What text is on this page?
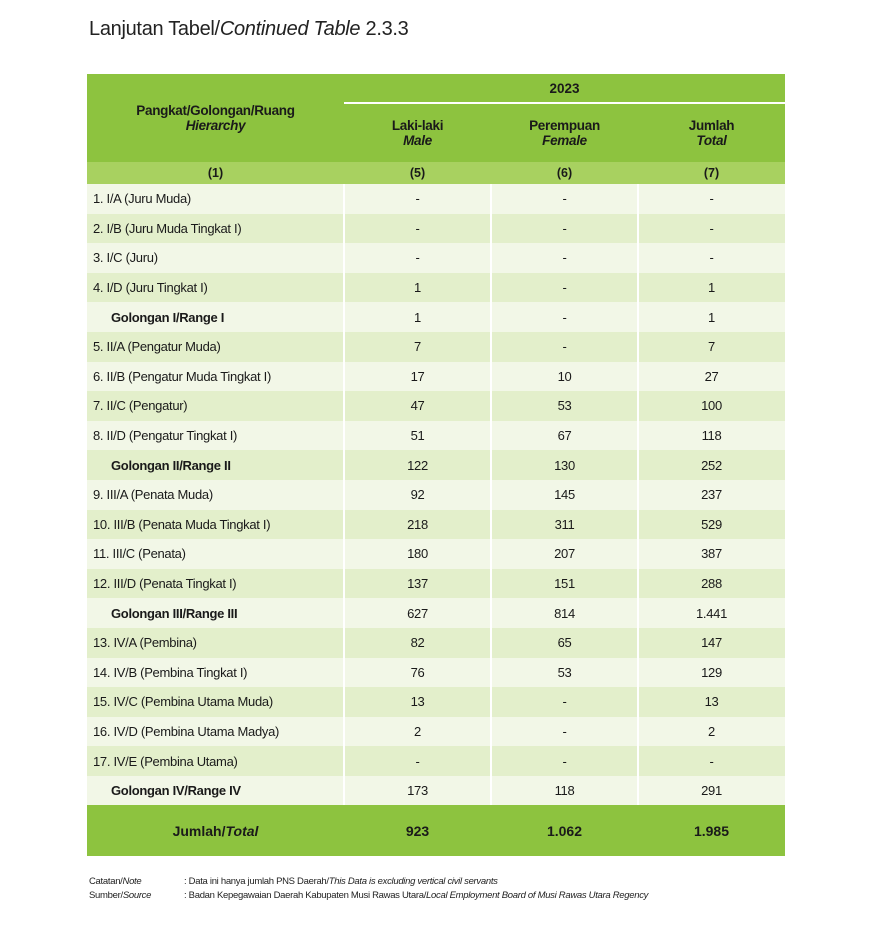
Lanjutan Tabel/Continued Table 2.3.3
Pangkat/Golongan/Ruang
Hierarchy
2023
Laki-laki
Male
Perempuan
Female
Jumlah
Total
(1)	(5)	(6)	(7)
1. I/A (Juru Muda)	-	-	-
2. I/B (Juru Muda Tingkat I)	-	-	-
3. I/C (Juru)	-	-	-
4. I/D (Juru Tingkat I)	1	-	1
Golongan I/Range I	1	-	1
5. II/A (Pengatur Muda)	7	-	7
6. II/B (Pengatur Muda Tingkat I)	17	10	27
7. II/C (Pengatur)	47	53	100
8. II/D (Pengatur Tingkat I)	51	67	118
Golongan II/Range II	122	130	252
9. III/A (Penata Muda)	92	145	237
10. III/B (Penata Muda Tingkat I)	218	311	529
11. III/C (Penata)	180	207	387
12. III/D (Penata Tingkat I)	137	151	288
Golongan III/Range III	627	814	1.441
13. IV/A (Pembina)	82	65	147
14. IV/B (Pembina Tingkat I)	76	53	129
15. IV/C (Pembina Utama Muda)	13	-	13
16. IV/D (Pembina Utama Madya)	2	-	2
17. IV/E (Pembina Utama)	-	-	-
Golongan IV/Range IV	173	118	291
Jumlah/ Total	923	1.062	1.985
Catatan/Note	: Data ini hanya jumlah PNS Daerah/This Data is excluding vertical civil servants
Sumber/Source	: Badan Kepegawaian Daerah Kabupaten Musi Rawas Utara/Local Employment Board of Musi Rawas Utara Regency
